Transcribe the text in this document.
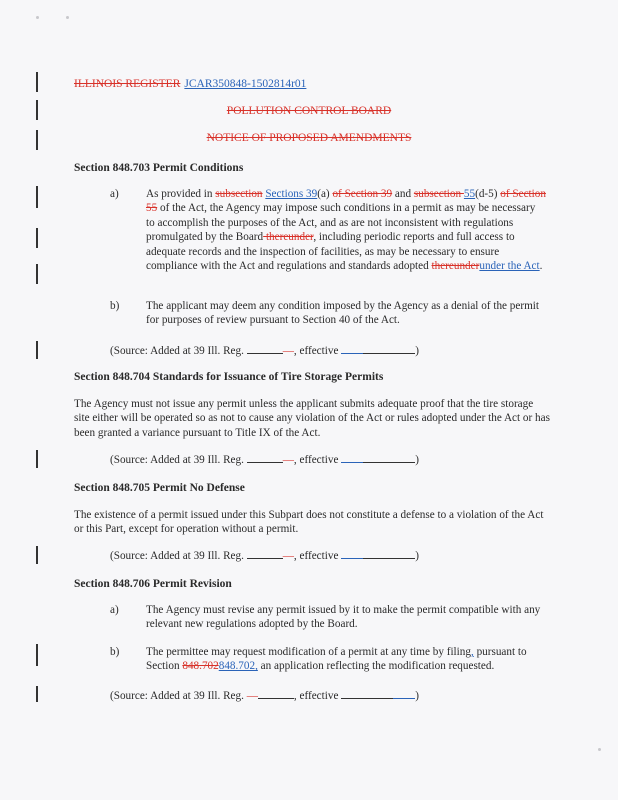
ILLINOIS REGISTER JCAR350848-1502814r01
POLLUTION CONTROL BOARD
NOTICE OF PROPOSED AMENDMENTS
Section 848.703 Permit Conditions
a) As provided in subsection Sections 39(a) of Section 39 and subsection 55(d-5) of Section 55 of the Act, the Agency may impose such conditions in a permit as may be necessary to accomplish the purposes of the Act, and as are not inconsistent with regulations promulgated by the Board thereunder, including periodic reports and full access to adequate records and the inspection of facilities, as may be necessary to ensure compliance with the Act and regulations and standards adopted thereunderunder the Act.
b) The applicant may deem any condition imposed by the Agency as a denial of the permit for purposes of review pursuant to Section 40 of the Act.
(Source: Added at 39 Ill. Reg.	—, effective	)
Section 848.704 Standards for Issuance of Tire Storage Permits
The Agency must not issue any permit unless the applicant submits adequate proof that the tire storage site either will be operated so as not to cause any violation of the Act or rules adopted under the Act or has been granted a variance pursuant to Title IX of the Act.
(Source: Added at 39 Ill. Reg.	—, effective	)
Section 848.705 Permit No Defense
The existence of a permit issued under this Subpart does not constitute a defense to a violation of the Act or this Part, except for operation without a permit.
(Source: Added at 39 Ill. Reg.	—, effective	)
Section 848.706 Permit Revision
a) The Agency must revise any permit issued by it to make the permit compatible with any relevant new regulations adopted by the Board.
b) The permittee may request modification of a permit at any time by filing, pursuant to Section 848.702848.702, an application reflecting the modification requested.
(Source: Added at 39 Ill. Reg. —	, effective	)
